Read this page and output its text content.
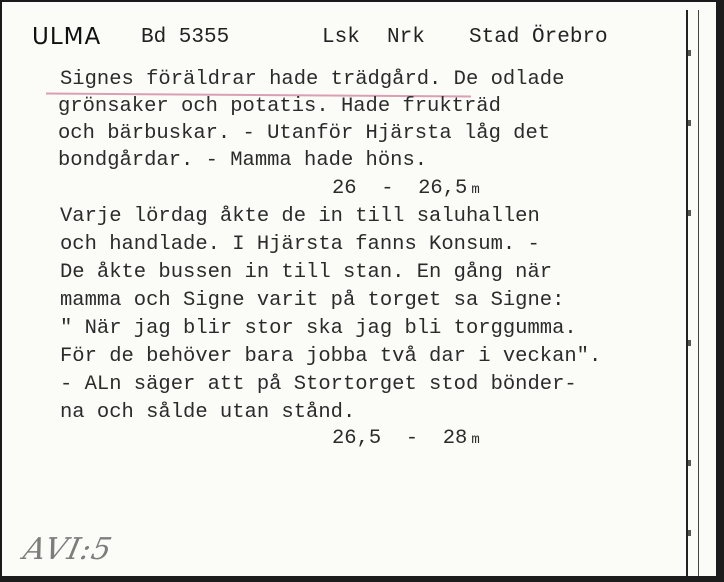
ULMA Bd 5355	Lsk Nrk Stad Örebro
Signes föräldrar hade trädgård. De odlade
grönsaker och potatis. Hade frukträd
och bärbuskar. - Utanför Hjärsta låg det
bondgårdar. - Mamma hade höns.
26  -  26,5 m
Varje lördag åkte de in till saluhallen
och handlade. I Hjärsta fanns Konsum. -
De åkte bussen in till stan. En gång när
mamma och Signe varit på torget sa Signe:
" När jag blir stor ska jag bli torggumma.
För de behöver bara jobba två dar i veckan".
- ALn säger att på Stortorget stod bönder-
na och sålde utan stånd.
26,5  -  28 m
AVI:5
